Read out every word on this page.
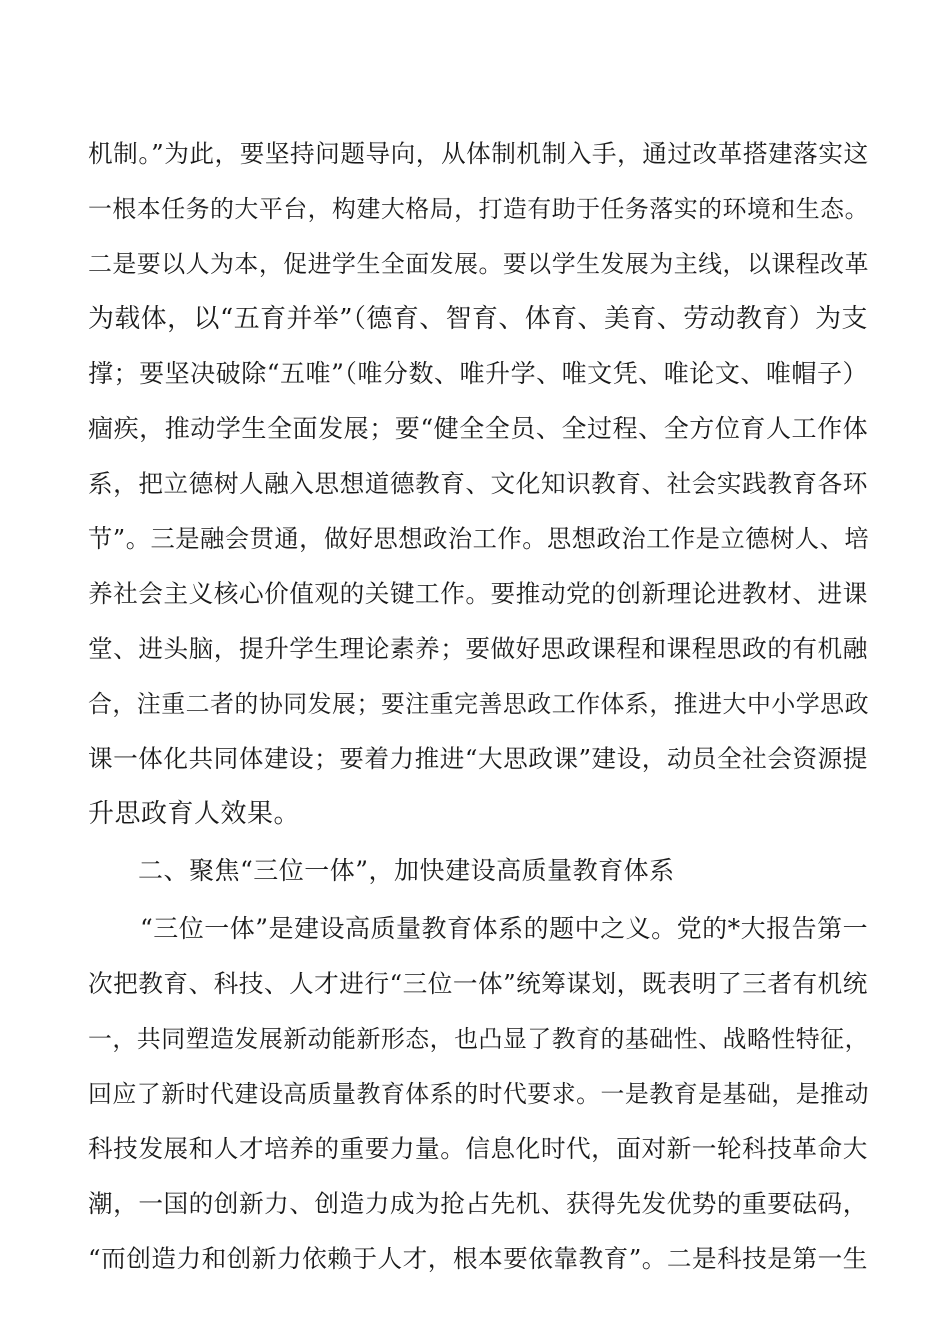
机制。”为此，要坚持问题导向，从体制机制入手，通过改革搭建落实这
一根本任务的大平台，构建大格局，打造有助于任务落实的环境和生态。
二是要以人为本，促进学生全面发展。要以学生发展为主线，以课程改革
为载体，以“五育并举”（德育、智育、体育、美育、劳动教育）为支
撑；要坚决破除“五唯”（唯分数、唯升学、唯文凭、唯论文、唯帽子）
痼疾，推动学生全面发展；要“健全全员、全过程、全方位育人工作体
系，把立德树人融入思想道德教育、文化知识教育、社会实践教育各环
节”。三是融会贯通，做好思想政治工作。思想政治工作是立德树人、培
养社会主义核心价值观的关键工作。要推动党的创新理论进教材、进课
堂、进头脑，提升学生理论素养；要做好思政课程和课程思政的有机融
合，注重二者的协同发展；要注重完善思政工作体系，推进大中小学思政
课一体化共同体建设；要着力推进“大思政课”建设，动员全社会资源提
升思政育人效果。
二、聚焦“三位一体”，加快建设高质量教育体系
“三位一体”是建设高质量教育体系的题中之义。党的*大报告第一
次把教育、科技、人才进行“三位一体”统筹谋划，既表明了三者有机统
一，共同塑造发展新动能新形态，也凸显了教育的基础性、战略性特征，
回应了新时代建设高质量教育体系的时代要求。一是教育是基础，是推动
科技发展和人才培养的重要力量。信息化时代，面对新一轮科技革命大
潮，一国的创新力、创造力成为抢占先机、获得先发优势的重要砝码，
“而创造力和创新力依赖于人才，根本要依靠教育”。二是科技是第一生
